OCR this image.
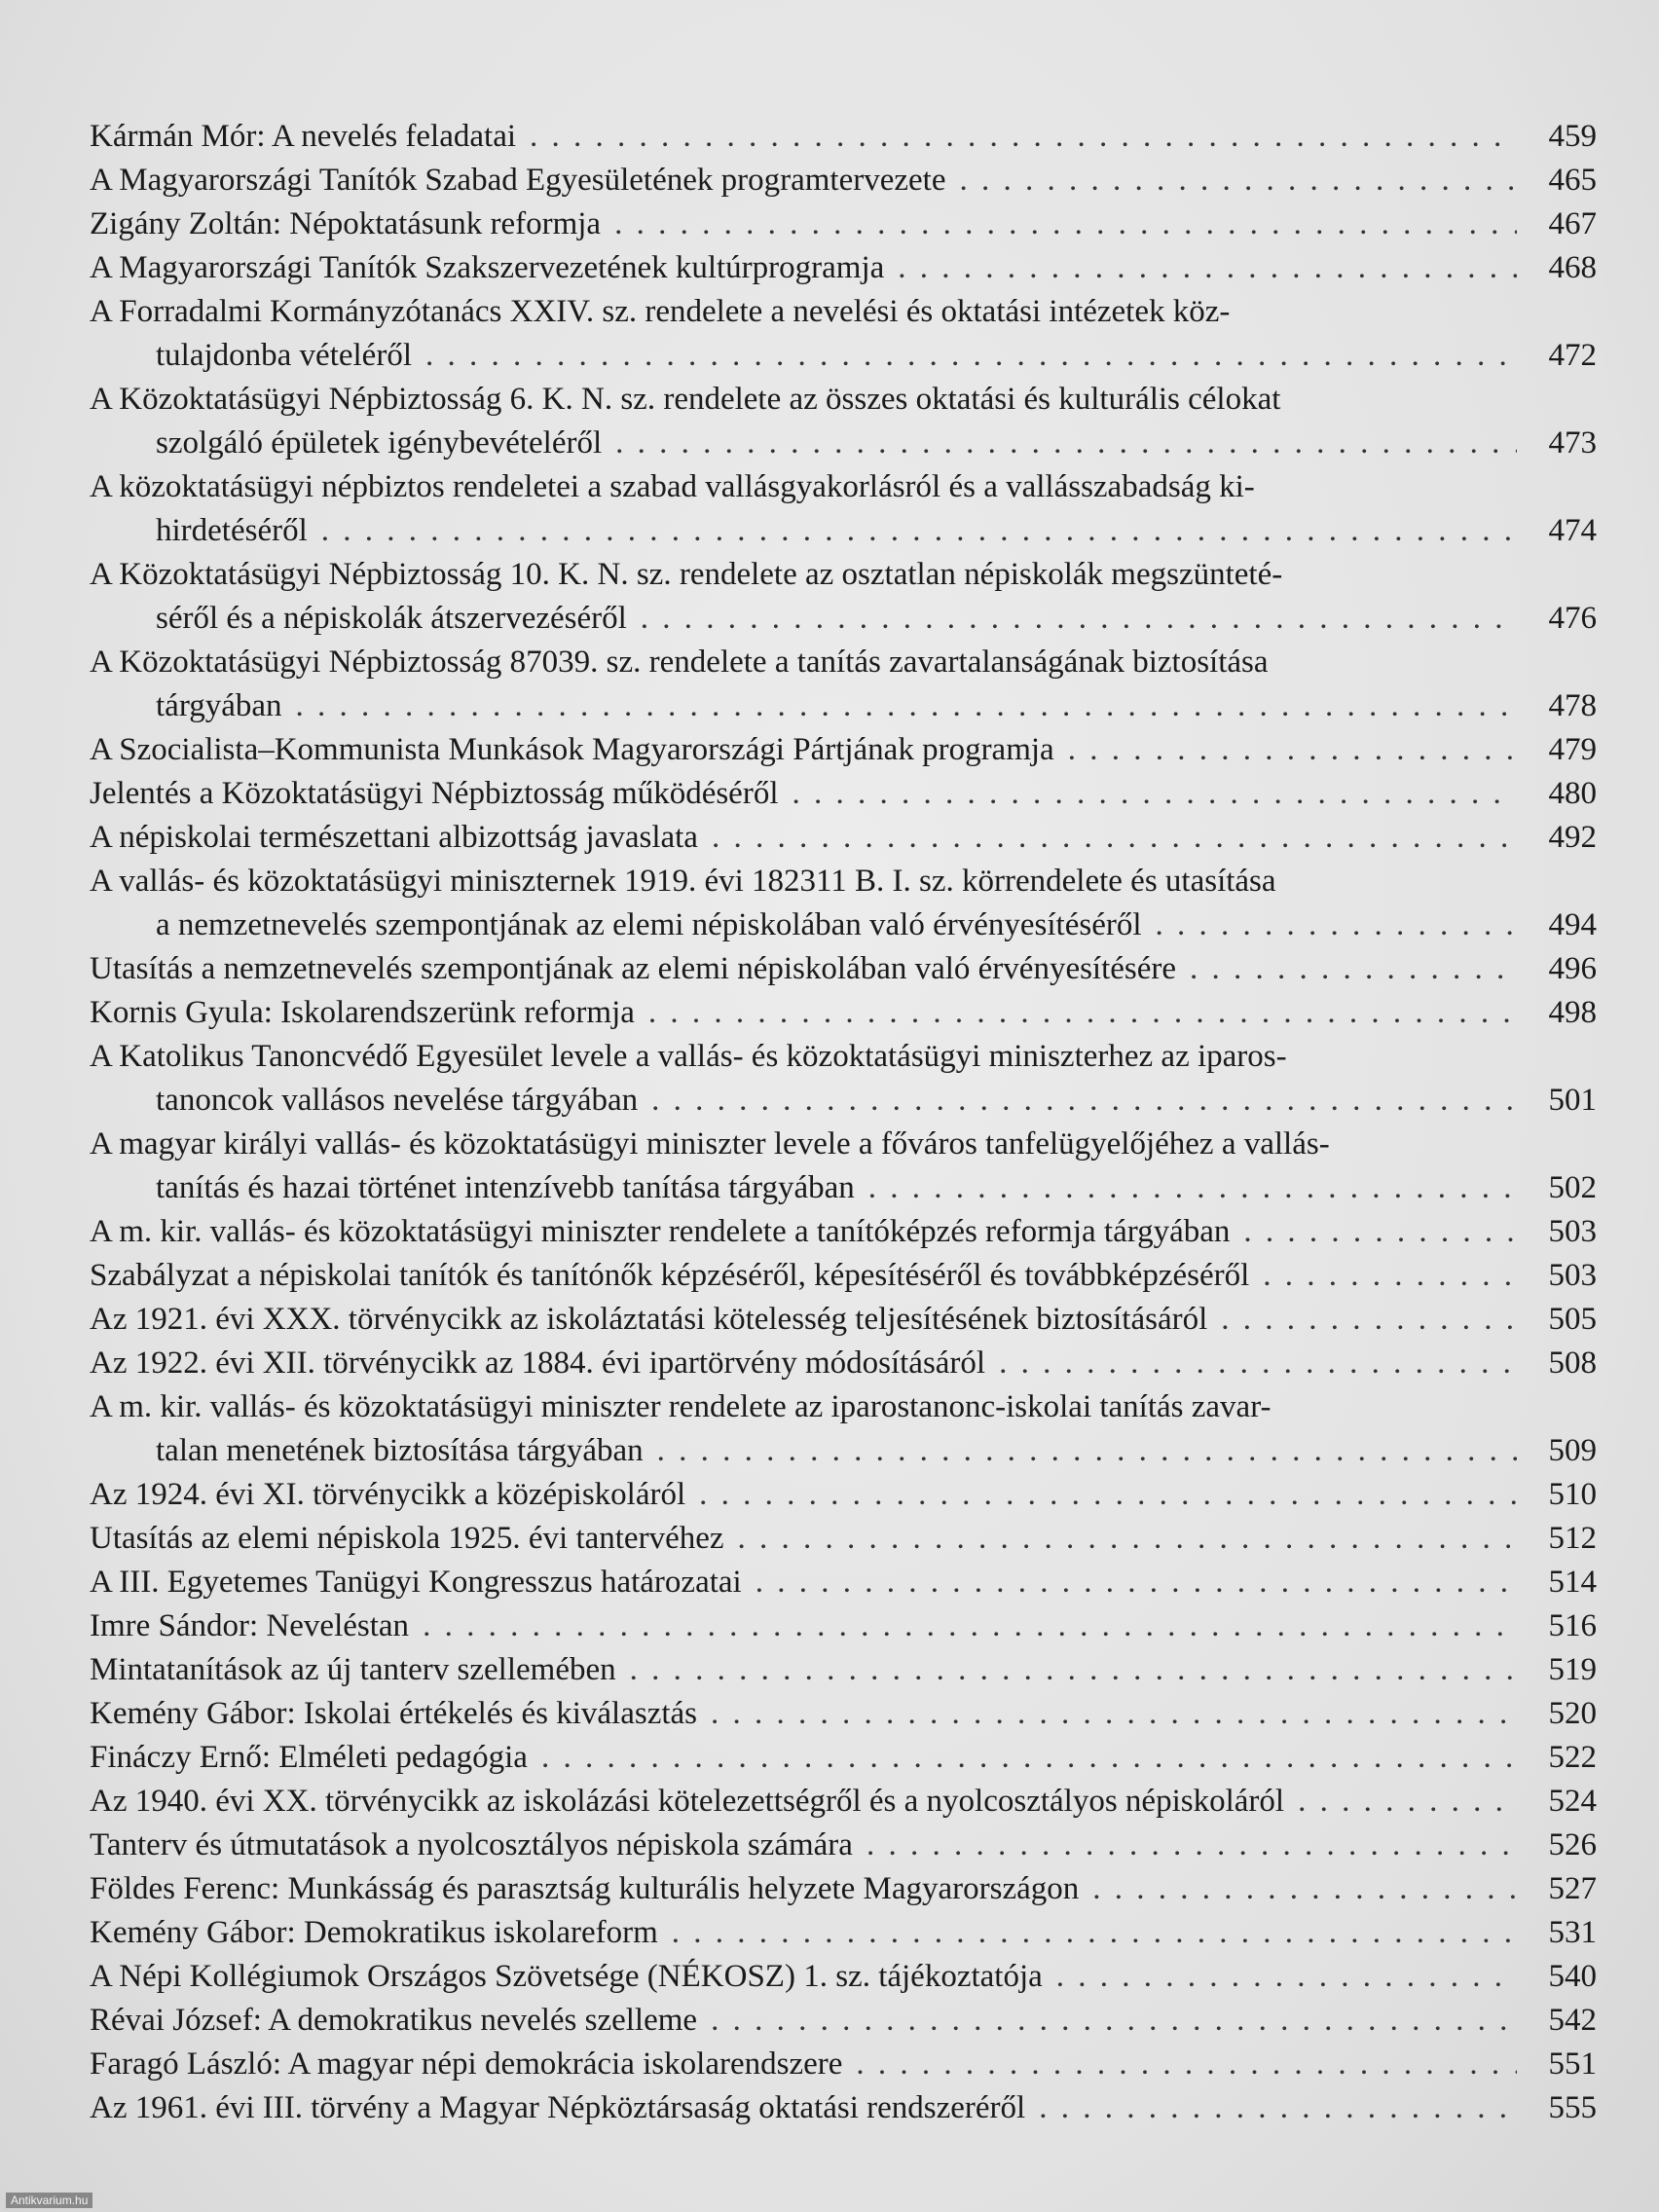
Kármán Mór: A nevelés feladatai . . .	459
A Magyarországi Tanítók Szabad Egyesületének programtervezete . . .	465
Zigány Zoltán: Népoktatásunk reformja . . .	467
A Magyarországi Tanítók Szakszervezetének kultúrprogramja . . .	468
A Forradalmi Kormányzótanács XXIV. sz. rendelete a nevelési és oktatási intézetek köz-
tulajdonba vételéről . . .	472
A Közoktatásügyi Népbiztosság 6. K. N. sz. rendelete az összes oktatási és kulturális célokat
szolgáló épületek igénybevételéről . . .	473
A közoktatásügyi népbiztos rendeletei a szabad vallásgyakorlásról és a vallásszabadság ki-
hirdetéséről . . .	474
A Közoktatásügyi Népbiztosság 10. K. N. sz. rendelete az osztatlan népiskolák megszünteté-
séről és a népiskolák átszervezéséről . . .	476
A Közoktatásügyi Népbiztosság 87039. sz. rendelete a tanítás zavartalanságának biztosítása
tárgyában . . .	478
A Szocialista–Kommunista Munkások Magyarországi Pártjának programja . . .	479
Jelentés a Közoktatásügyi Népbiztosság működéséről . . .	480
A népiskolai természettani albizottság javaslata . . .	492
A vallás- és közoktatásügyi miniszternek 1919. évi 182311 B. I. sz. körrendelete és utasítása
a nemzetnevelés szempontjának az elemi népiskolában való érvényesítéséről . . .	494
Utasítás a nemzetnevelés szempontjának az elemi népiskolában való érvényesítésére . . .	496
Kornis Gyula: Iskolarendszerünk reformja . . .	498
A Katolikus Tanoncvédő Egyesület levele a vallás- és közoktatásügyi miniszterhez az iparos-
tanoncok vallásos nevelése tárgyában . . .	501
A magyar királyi vallás- és közoktatásügyi miniszter levele a főváros tanfelügyelőjéhez a vallás-
tanítás és hazai történet intenzívebb tanítása tárgyában . . .	502
A m. kir. vallás- és közoktatásügyi miniszter rendelete a tanítóképzés reformja tárgyában . . .	503
Szabályzat a népiskolai tanítók és tanítónők képzéséről, képesítéséről és továbbképzéséről . . .	503
Az 1921. évi XXX. törvénycikk az iskoláztatási kötelesség teljesítésének biztosításáról . . .	505
Az 1922. évi XII. törvénycikk az 1884. évi ipartörvény módosításáról . . .	508
A m. kir. vallás- és közoktatásügyi miniszter rendelete az iparostanonc-iskolai tanítás zavar-
talan menetének biztosítása tárgyában . . .	509
Az 1924. évi XI. törvénycikk a középiskoláról . . .	510
Utasítás az elemi népiskola 1925. évi tantervéhez . . .	512
A III. Egyetemes Tanügyi Kongresszus határozatai . . .	514
Imre Sándor: Neveléstan . . .	516
Mintatanítások az új tanterv szellemében . . .	519
Kemény Gábor: Iskolai értékelés és kiválasztás . . .	520
Fináczy Ernő: Elméleti pedagógia . . .	522
Az 1940. évi XX. törvénycikk az iskolázási kötelezettségről és a nyolcosztályos népiskoláról . . .	524
Tanterv és útmutatások a nyolcosztályos népiskola számára . . .	526
Földes Ferenc: Munkásság és parasztság kulturális helyzete Magyarországon . . .	527
Kemény Gábor: Demokratikus iskolareform . . .	531
A Népi Kollégiumok Országos Szövetsége (NÉKOSZ) 1. sz. tájékoztatója . . .	540
Révai József: A demokratikus nevelés szelleme . . .	542
Faragó László: A magyar népi demokrácia iskolarendszere . . .	551
Az 1961. évi III. törvény a Magyar Népköztársaság oktatási rendszeréről . . .	555
Antikvarium.hu
